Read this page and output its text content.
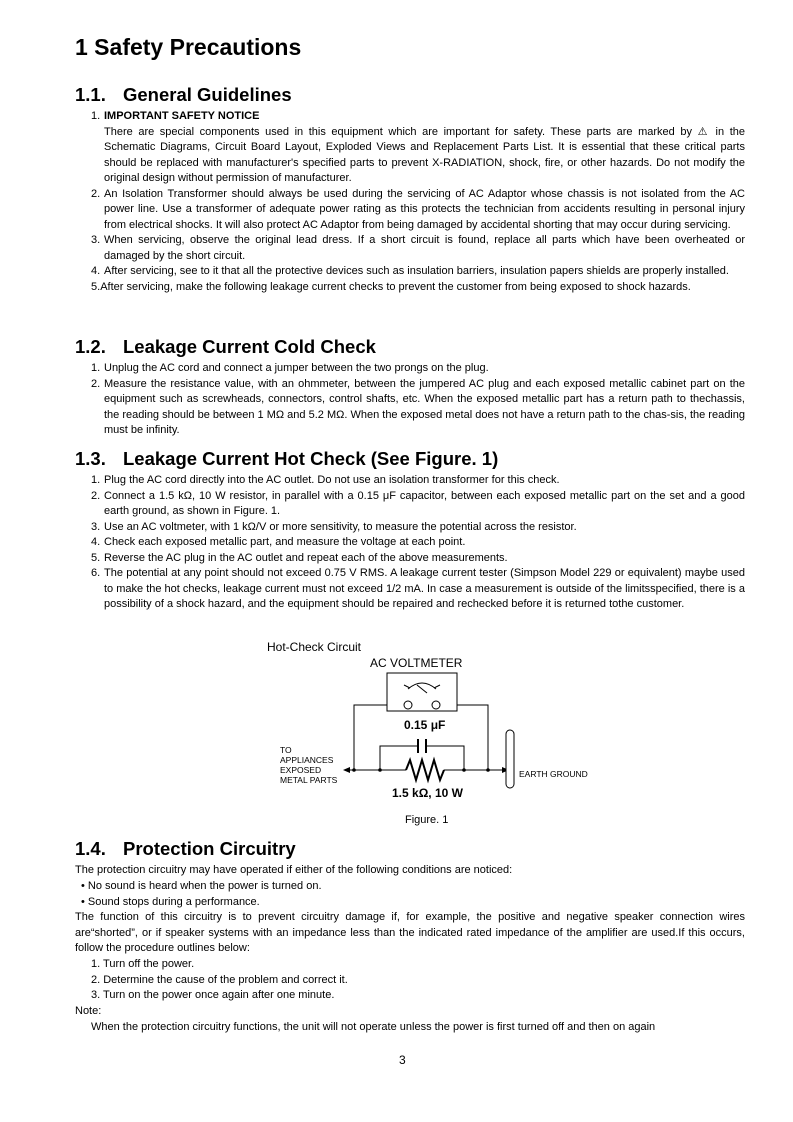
1 Safety Precautions
1.1. General Guidelines
1. IMPORTANT SAFETY NOTICE
There are special components used in this equipment which are important for safety. These parts are marked by ⚠ in the Schematic Diagrams, Circuit Board Layout, Exploded Views and Replacement Parts List. It is essential that these critical parts should be replaced with manufacturer's specified parts to prevent X-RADIATION, shock, fire, or other hazards. Do not modify the original design without permission of manufacturer.
2. An Isolation Transformer should always be used during the servicing of AC Adaptor whose chassis is not isolated from the AC power line. Use a transformer of adequate power rating as this protects the technician from accidents resulting in personal injury from electrical shocks. It will also protect AC Adaptor from being damaged by accidental shorting that may occur during servicing.
3. When servicing, observe the original lead dress. If a short circuit is found, replace all parts which have been overheated or damaged by the short circuit.
4. After servicing, see to it that all the protective devices such as insulation barriers, insulation papers shields are properly installed.
5.After servicing, make the following leakage current checks to prevent the customer from being exposed to shock hazards.
1.2. Leakage Current Cold Check
1. Unplug the AC cord and connect a jumper between the two prongs on the plug.
2. Measure the resistance value, with an ohmmeter, between the jumpered AC plug and each exposed metallic cabinet part on the equipment such as screwheads, connectors, control shafts, etc. When the exposed metallic part has a return path to thechassis, the reading should be between 1 MΩ and 5.2 MΩ. When the exposed metal does not have a return path to the chas-sis, the reading must be infinity.
1.3. Leakage Current Hot Check (See Figure. 1)
1. Plug the AC cord directly into the AC outlet. Do not use an isolation transformer for this check.
2. Connect a 1.5 kΩ, 10 W resistor, in parallel with a 0.15 μF capacitor, between each exposed metallic part on the set and a good earth ground, as shown in Figure. 1.
3. Use an AC voltmeter, with 1 kΩ/V or more sensitivity, to measure the potential across the resistor.
4. Check each exposed metallic part, and measure the voltage at each point.
5. Reverse the AC plug in the AC outlet and repeat each of the above measurements.
6. The potential at any point should not exceed 0.75 V RMS. A leakage current tester (Simpson Model 229 or equivalent) maybe used to make the hot checks, leakage current must not exceed 1/2 mA. In case a measurement is outside of the limitsspecified, there is a possibility of a shock hazard, and the equipment should be repaired and rechecked before it is returned tothe customer.
Hot-Check Circuit
AC VOLTMETER
0.15 μF
1.5 kΩ, 10 W
EARTH GROUND
TO APPLIANCES EXPOSED METAL PARTS
Figure. 1
1.4. Protection Circuitry

The protection circuitry may have operated if either of the following conditions are noticed:

• No sound is heard when the power is turned on.
• Sound stops during a performance.

The function of this circuitry is to prevent circuitry damage if, for example, the positive and negative speaker connection wires are“shorted”, or if speaker systems with an impedance less than the indicated rated impedance of the amplifier are used.If this occurs, follow the procedure outlines below:

1. Turn off the power.
2. Determine the cause of the problem and correct it.
3. Turn on the power once again after one minute.

Note:

When the protection circuitry functions, the unit will not operate unless the power is first turned off and then on again

3
